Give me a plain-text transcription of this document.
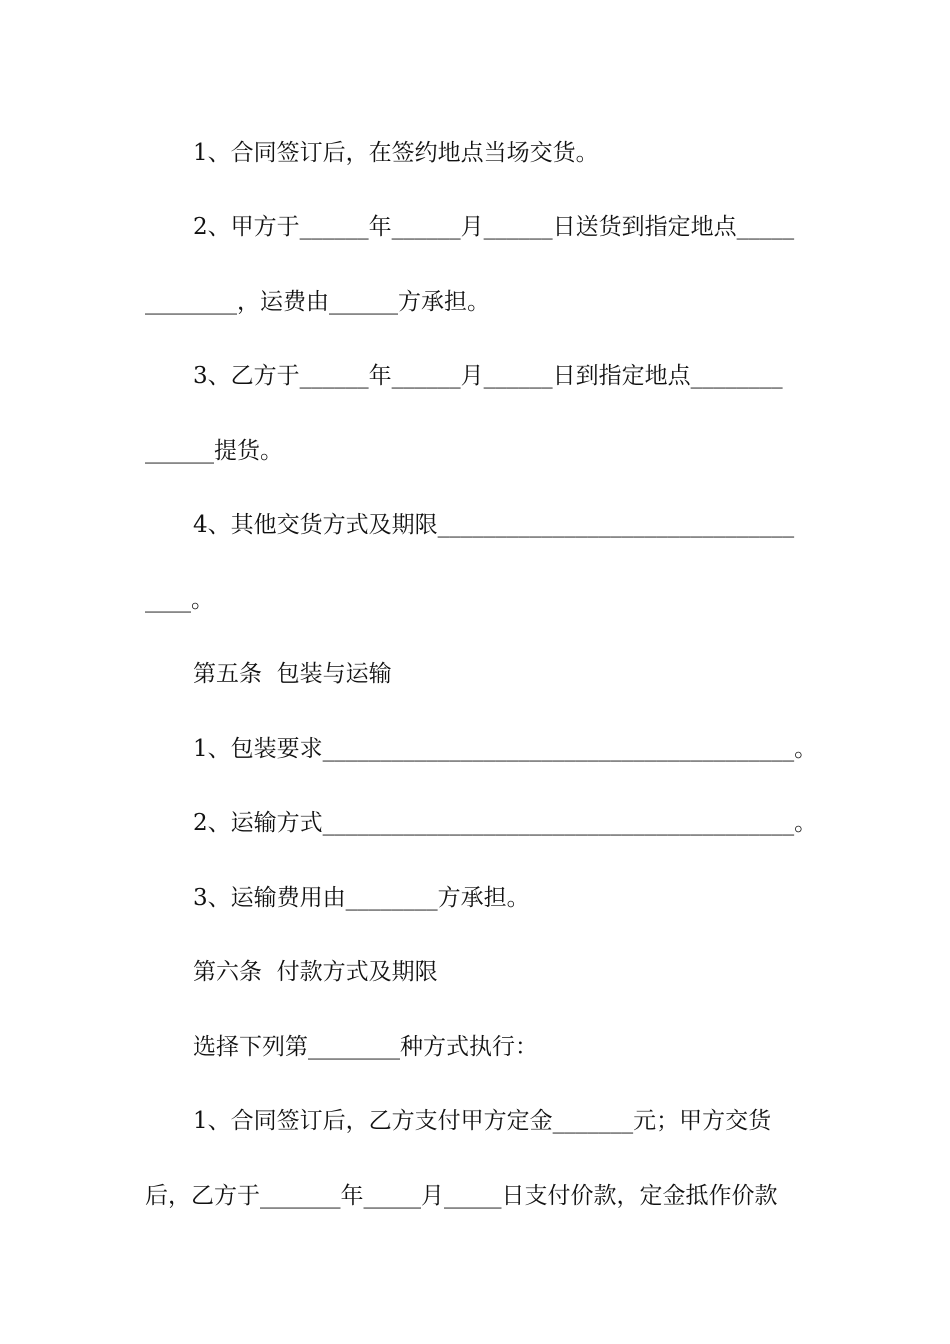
1、合同签订后，在签约地点当场交货。
2、甲方于______年______月______日送货到指定地点_____
________，运费由______方承担。
3、乙方于______年______月______日到指定地点________
______提货。
4、其他交货方式及期限_______________________________
____。
第五条  包装与运输
1、包装要求_________________________________________。
2、运输方式_________________________________________。
3、运输费用由________方承担。
第六条  付款方式及期限
选择下列第________种方式执行：
1、合同签订后，乙方支付甲方定金_______元；甲方交货
后，乙方于_______年_____月_____日支付价款，定金抵作价款
